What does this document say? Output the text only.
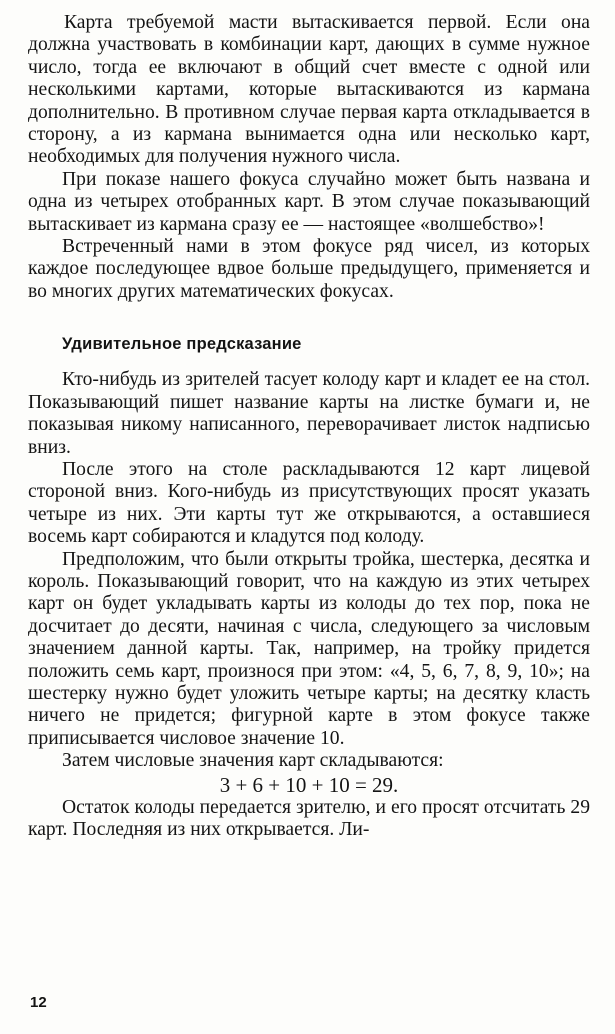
Карта требуемой масти вытаскивается первой. Если она должна участвовать в комбинации карт, дающих в сумме нужное число, тогда ее включают в общий счет вместе с одной или несколькими картами, которые вытаскиваются из кармана дополнительно. В противном случае первая карта откладывается в сторону, а из кармана вынимается одна или несколько карт, необходимых для получения нужного числа.

При показе нашего фокуса случайно может быть названа и одна из четырех отобранных карт. В этом случае показывающий вытаскивает из кармана сразу ее — настоящее «волшебство»!

Встреченный нами в этом фокусе ряд чисел, из которых каждое последующее вдвое больше предыдущего, применяется и во многих других математических фокусах.

Удивительное предсказание

Кто-нибудь из зрителей тасует колоду карт и кладет ее на стол. Показывающий пишет название карты на листке бумаги и, не показывая никому написанного, переворачивает листок надписью вниз.

После этого на столе раскладываются 12 карт лицевой стороной вниз. Кого-нибудь из присутствующих просят указать четыре из них. Эти карты тут же открываются, а оставшиеся восемь карт собираются и кладутся под колоду.

Предположим, что были открыты тройка, шестерка, десятка и король. Показывающий говорит, что на каждую из этих четырех карт он будет укладывать карты из колоды до тех пор, пока не досчитает до десяти, начиная с числа, следующего за числовым значением данной карты. Так, например, на тройку придется положить семь карт, произнося при этом: «4, 5, 6, 7, 8, 9, 10»; на шестерку нужно будет уложить четыре карты; на десятку класть ничего не придется; фигурной карте в этом фокусе также приписывается числовое значение 10.

Затем числовые значения карт складываются:

3 + 6 + 10 + 10 = 29.

Остаток колоды передается зрителю, и его просят отсчитать 29 карт. Последняя из них открывается. Ли-

12
